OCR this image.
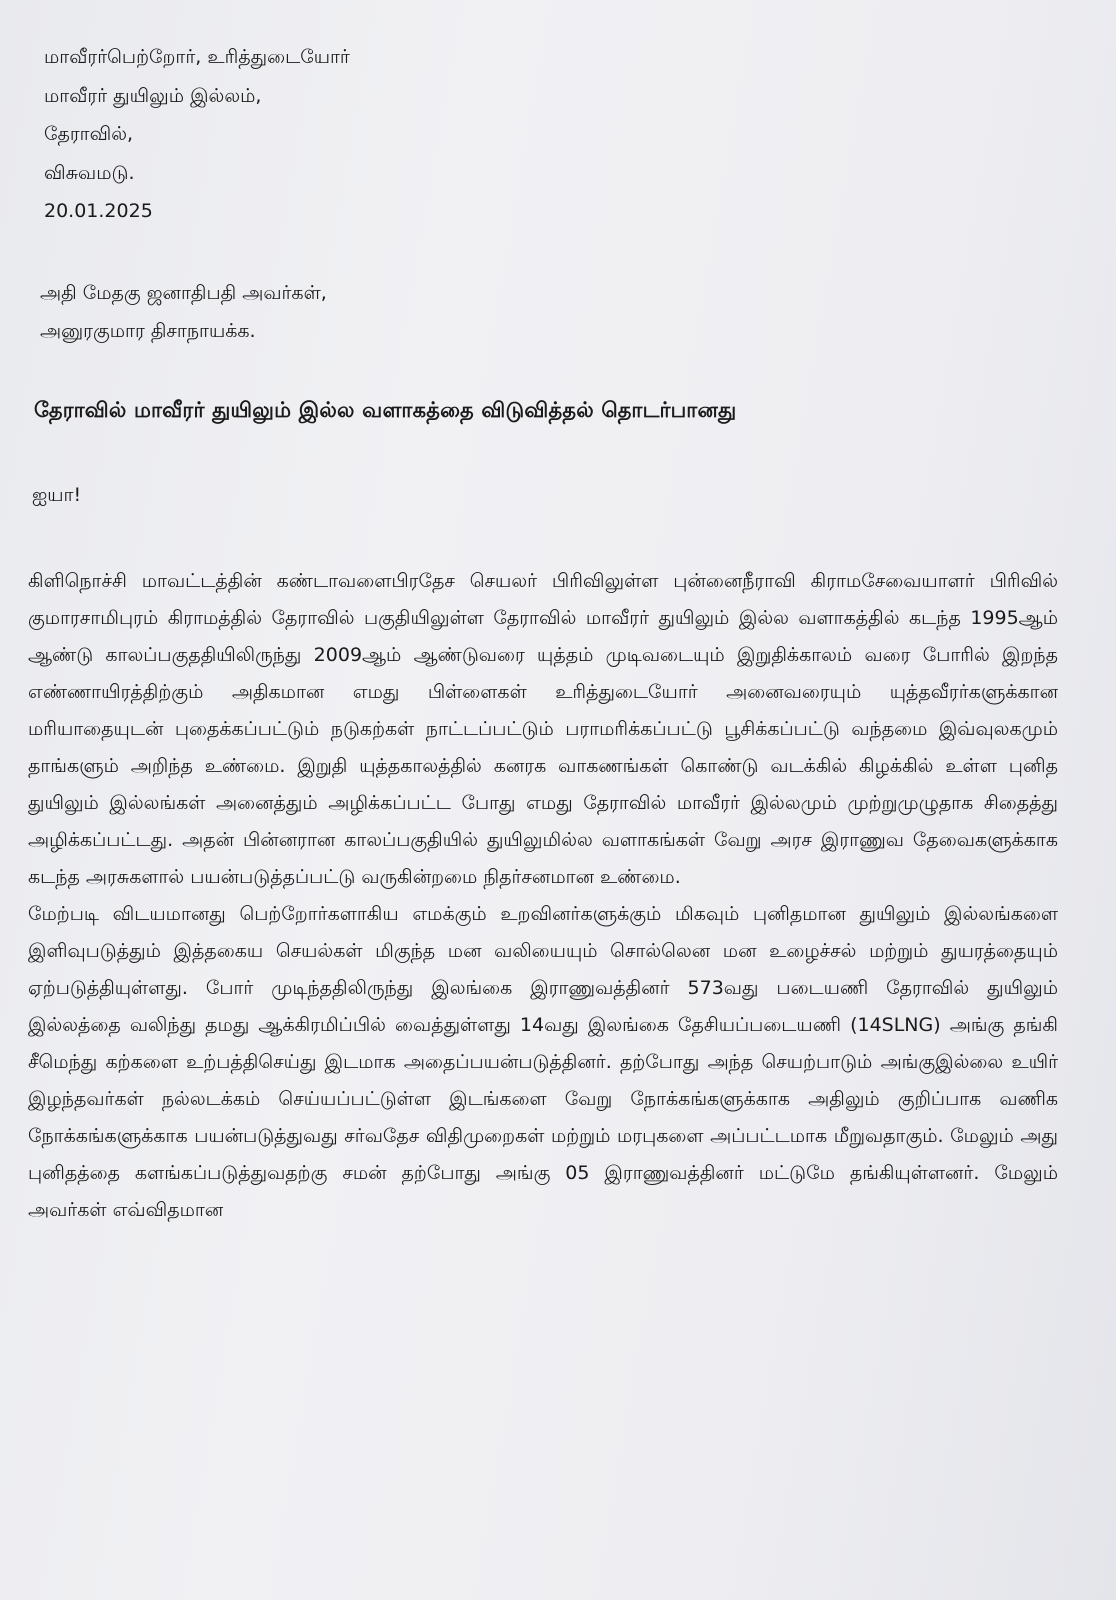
மாவீரர்பெற்றோர், உரித்துடையோர்
மாவீரர் துயிலும் இல்லம்,
தேராவில்,
விசுவமடு.
20.01.2025
அதி மேதகு ஜனாதிபதி அவர்கள்,
அனுரகுமார திசாநாயக்க.
தேராவில் மாவீரர் துயிலும் இல்ல வளாகத்தை விடுவித்தல் தொடர்பானது
ஐயா!

கிளிநொச்சி மாவட்டத்தின் கண்டாவளைபிரதேச செயலர் பிரிவிலுள்ள புன்னைநீராவி கிராமசேவையாளர் பிரிவில் குமாரசாமிபுரம் கிராமத்தில் தேராவில் பகுதியிலுள்ள தேராவில் மாவீரர் துயிலும் இல்ல வளாகத்தில் கடந்த 1995ஆம் ஆண்டு காலப்பகுததியிலிருந்து 2009ஆம் ஆண்டுவரை யுத்தம் முடிவடையும் இறுதிக்காலம் வரை போரில் இறந்த எண்ணாயிரத்திற்கும் அதிகமான எமது பிள்ளைகள் உரித்துடையோர் அனைவரையும் யுத்தவீரர்களுக்கான மரியாதையுடன் புதைக்கப்பட்டும் நடுகற்கள் நாட்டப்பட்டும் பராமரிக்கப்பட்டு பூசிக்கப்பட்டு வந்தமை இவ்வுலகமும் தாங்களும் அறிந்த உண்மை. இறுதி யுத்தகாலத்தில் கனரக வாகணங்கள் கொண்டு வடக்கில் கிழக்கில் உள்ள புனித துயிலும் இல்லங்கள் அனைத்தும் அழிக்கப்பட்ட போது எமது தேராவில் மாவீரர் இல்லமும் முற்றுமுழுதாக சிதைத்து அழிக்கப்பட்டது. அதன் பின்னரான காலப்பகுதியில் துயிலுமில்ல வளாகங்கள் வேறு அரச இராணுவ தேவைகளுக்காக கடந்த அரசுகளால் பயன்படுத்தப்பட்டு வருகின்றமை நிதர்சனமான உண்மை.

மேற்படி விடயமானது பெற்றோர்களாகிய எமக்கும் உறவினர்களுக்கும் மிகவும் புனிதமான துயிலும் இல்லங்களை இளிவுபடுத்தும் இத்தகைய செயல்கள் மிகுந்த மன வலியையும் சொல்லென மன உழைச்சல் மற்றும் துயரத்தையும் ஏற்படுத்தியுள்ளது. போர் முடிந்ததிலிருந்து இலங்கை இராணுவத்தினர் 573வது படையணி தேராவில் துயிலும் இல்லத்தை வலிந்து தமது ஆக்கிரமிப்பில் வைத்துள்ளது 14வது இலங்கை தேசியப்படையணி (14SLNG) அங்கு தங்கி சீமெந்து கற்களை உற்பத்திசெய்து இடமாக அதைப்பயன்படுத்தினர். தற்போது அந்த செயற்பாடும் அங்குஇல்லை உயிர் இழந்தவர்கள் நல்லடக்கம் செய்யப்பட்டுள்ள இடங்களை வேறு நோக்கங்களுக்காக அதிலும் குறிப்பாக வணிக நோக்கங்களுக்காக பயன்படுத்துவது சர்வதேச விதிமுறைகள் மற்றும் மரபுகளை அப்பட்டமாக மீறுவதாகும். மேலும் அது புனிதத்தை களங்கப்படுத்துவதற்கு சமன் தற்போது அங்கு 05 இராணுவத்தினர் மட்டுமே தங்கியுள்ளனர். மேலும் அவர்கள் எவ்விதமான
